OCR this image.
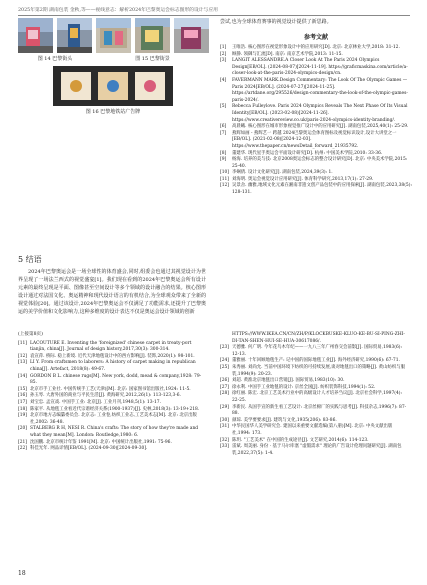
2025年第2期 湖南包装 金秋,等——视线意志：解析2024年巴黎奥运会标志图形的设计与应用
图 14 巴黎街头	图 15 巴黎街景
图 16 巴黎地铁站广告牌
5 结语

2024年巴黎奥运会是一场全球性的体育盛会,同时,组委会也通过其视觉设计为世界呈现了一场法兰西式的视觉盛宴[1]。我们现在看到的2024年巴黎奥运会所有设计元素的最终呈现是平面、图像甚至空间设计等多个领域的设计融合的结果。核心图形设计通过对法国文化、奥运精神和现代设计语言的有机结合,为全球观众带来了全新的视觉体验[20]。通过该设计,2024年巴黎奥运会不仅满足了功能需求,还提升了巴黎奥运的美学价值和文化影响力,这种多维度的设计表达不仅是奥运会设计领域的创新

尝试,也为全球体育赛事的视觉设计提供了新思路。

参考文献
[1]	王唯浩. 核心图形在视觉形象设计中的应用研究[D]. 北京: 北京林业大学,2018: 31-12.
[2]	顾静. 领御与汇流[D]. 南京: 南京艺术学院,2013: 11-15.
[3]	LANGIT ALESSANDRE.A Closer Look At The Paris 2024 Olympics Design[EB/OL]. (2024-08-07)[2024-11-19]. https://graficmaskina.com/article/a-closer-look-at-the-paris-2024-olympics-design/cn.
[4]	FAVERMANN MARK.Design Commentary: The Look Of The Olympic Games — Paris 2024[EB/OL]. (2024-07-27)[2024-11-25]. https://artdane.org/295526/design-commentary-the-look-of-the-olympic-games-paris-2024/.
[5]	Rebecca Fulleylove. Paris 2024 Olympics Reveals The Next Phase Of Its Visual Identity[EB/OL]. (2023-02-08)[2024-11-26]. https://www.creativereview.co.uk/paris-2024-olympics-identity-branding/.
[6]	高晨曦. 核心图形在城市形象视觉推广设计中的应用研究[J]. 湖南包装,2025,40(1): 25-29.
[7]	燕辉如画 - 燕辉艺一 跨越 2024巴黎奥运会体育图标及视觉标识设计,设计大讲堂之一[EB/OL]. (2021-02-08)[2024-12-03]. https://www.thepaper.cn/newsDetail_forward_21935792.
[8]	董建华. 现代星手奥运会平面设计研究[D]. 杭州: 中国美术学院,2010: 33-36.
[9]	杨海. 培养的美与技: 北京2008奥运会标志的整合设计研究[D]. 北京: 中央美术学院,2015: 25-40.
[10] 李娴倩. 设计文化研究[J]. 湖南包装,2024,39(3): 1.
[11] 刘海明. 奥运会视觉设计应用研究[J]. 体育科学研究,2013,17(1): 27-29.
[12] 吴景舍. 幽雅,地域文化元素在湘南非遗文创产品包装中的应用探索[J]. 湖南包装,2023,38(5): 128-131.
(上接第8页)
[11] LACOUTURE E. Inventing the 'foreignized' chinese carpet in treaty-port tianjin, china[J]. Journal of design history,2017,30(3): 300-314.
[12] 袁宣萍. 桥际. 稳上新境. 近代天津地毯设计中的西方影响[J]. 装饰,2020(1): 98-101.
[13] LI Y. From craftsmen to laborers: A history of carpet making in republican china[J]. Artefact, 2018(8): 49-67.
[14] GORDON B L. chinese rugs[M]. New york, dodd, mead & company,1928: 79-85.
[15] 北京市手工业社. 中国传统手工艺(天津)[M]. 北京: 国家图书馆出版社,1924: 11-5.
[16] 孙玉琴. 大唐外国的商业与平民生活[J]. 黄海研究,2012,26(1): 113-123,3-6.
[17] 刘宝忠. 孟宣戏. 中国手工业: 北京[J]. 工业月刊,1948,5(1): 13-17.
[18] 陈家平. 从地毯工业看近代宗谱经济关系(1900-1937)[J]. 史林,2018(3): 13-19+218.
[19] 北京市地方志编纂委员会. 北京志: 工业卷,纺织工业志,工艺美术志[M]. 北京: 北京出版社,2002: 36-48.
[20] STALBERG R H, NESI R. China's crafts: The story of how they're made and what they mean[M]. London: Routledge,1980: 6.
[21] 沈国鹏. 北京市统计年鉴 1991[M]. 北京: 中国统计出版社,1991: 75-96.
[22] 科佳光年. 网品详情[EB/OL]. (2024-09-30)[2024-09-30].
HTTPS://WWW.IKEA.CN/CN/ZH/P/KLOCKBUSKE-KLUO-KE-BU-SI-PING-ZHI-DI-TAN-SHEN-HUI-SE-HUA-30617086/.
[23] 天德雅. 何广明. 今年花鸟木年纪——一九八三年广州春交会前影[J]. 国际贸易,1983(6): 12-13.
[24] 董雅丽. 十年回顾地毯生产: 记中国的国际地毯工业[J]. 海外经济研究,1990(6): 67-71.
[25] 朱秀丽. 刘尚允. 当前中国环境下纺织的可持续发展,谈对地毯出口的策略[J]. 黄山纺织与服装,1994(9): 20-23.
[26] 刘超. 黄淮北京地毯出口营销[J]. 国际贸易,1983(10): 30.
[27] 徐永利. 中国手工业地毯的设计: 京丝全国[J]. 纺织装饰科技,1994(1): 52.
[28] 徐红丽. 陈宏. 北京工艺美术行业中的高级设计人才培养刍议[J]. 北京社会科学,1997(4): 22-25.
[29] 李新民. 从国手宣的新生看工艺设计: 北京丝棉厂的实践与思考[J]. 科技杂志,1996(7): 87-88.
[30] 颜琼. 美学要要求[J]. 建筑与文化,1935(206): 83-86.
[31] 中华民国华人美学研究会. 建国以来重要文献选编(第八册)[M]. 北京: 中央文献出版社,1994: 173.
[32] 陈玥. "工艺美术" 在中国的生成途径[J]. 文艺研究,2014(6): 114-123.
[33] 雷斌. 周美丽. 身份 · 基于马尔库塞 "虚假需求" 理论的广告设计伦理问题研究[J]. 湖南包装,2022,37(5): 1-4.
18
